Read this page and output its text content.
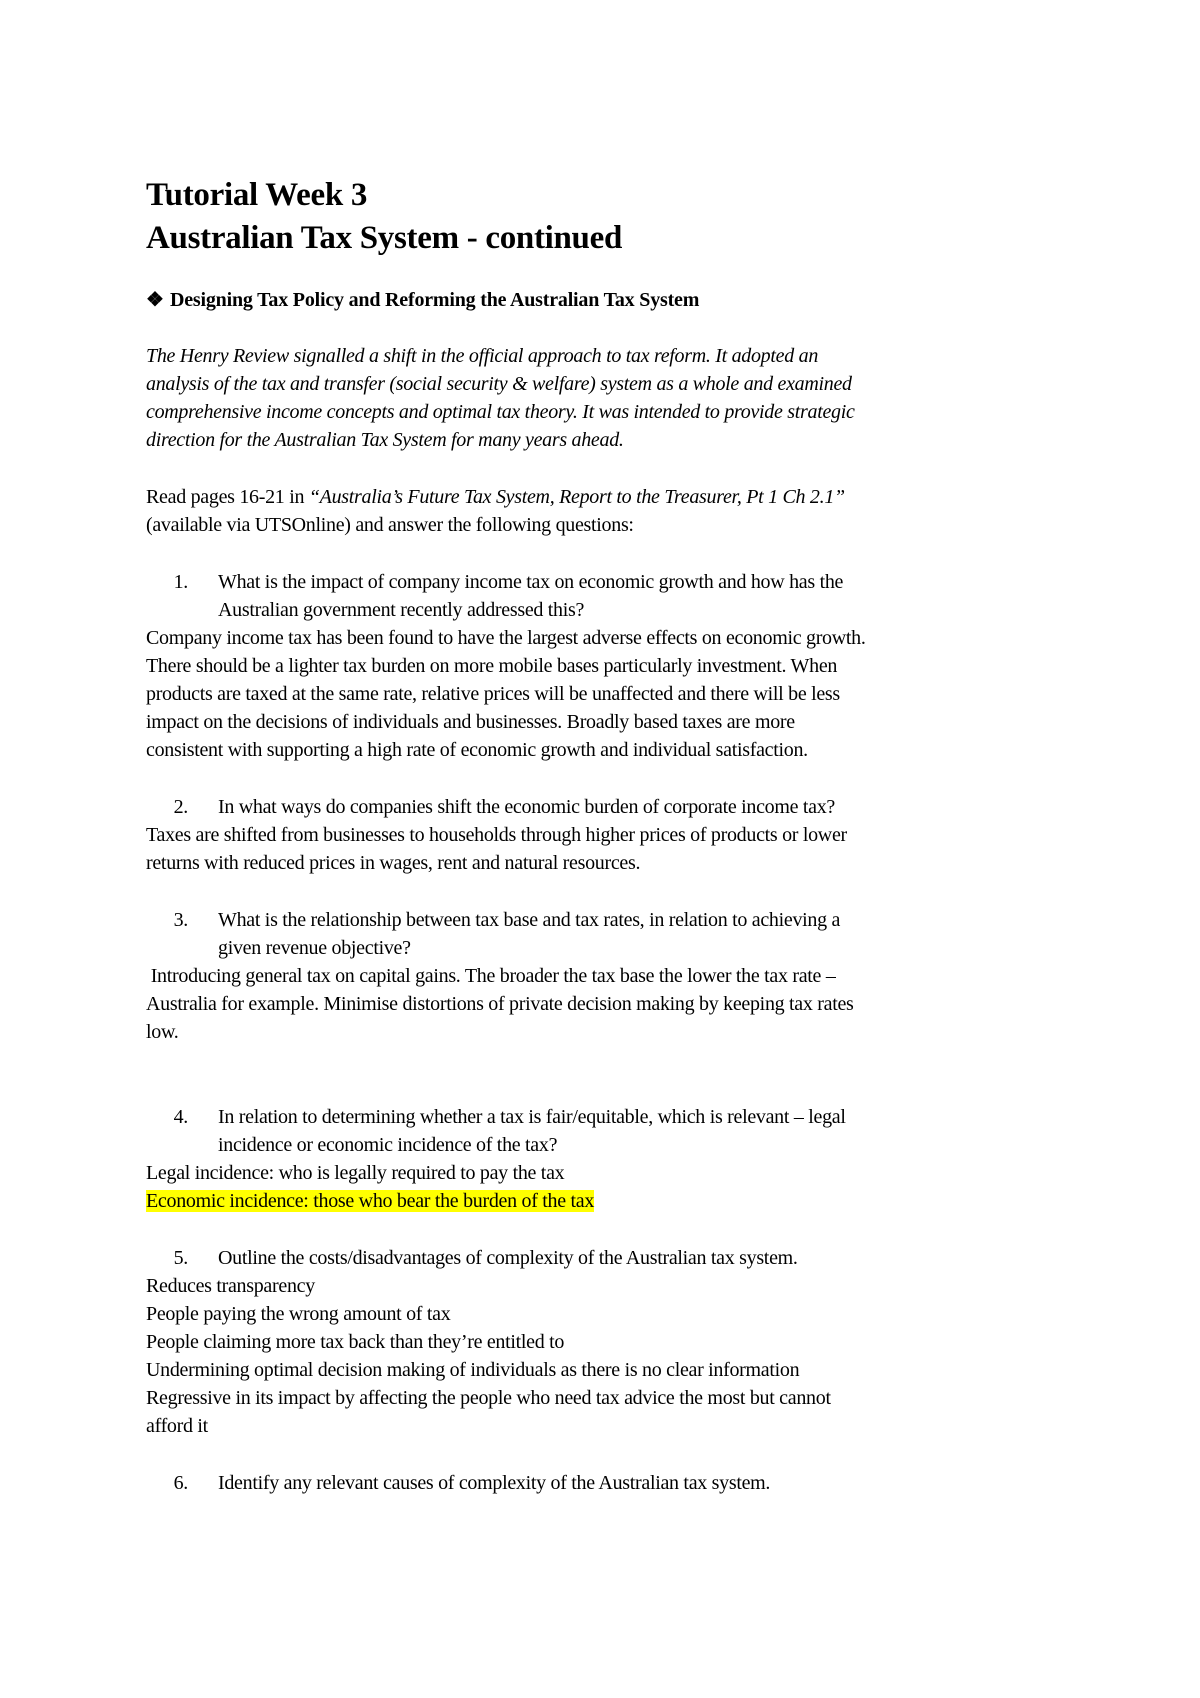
Tutorial Week 3
Australian Tax System - continued
❖ Designing Tax Policy and Reforming the Australian Tax System
The Henry Review signalled a shift in the official approach to tax reform. It adopted an
analysis of the tax and transfer (social security & welfare) system as a whole and examined
comprehensive income concepts and optimal tax theory. It was intended to provide strategic
direction for the Australian Tax System for many years ahead.
Read pages 16-21 in “Australia’s Future Tax System, Report to the Treasurer, Pt 1 Ch 2.1”
(available via UTSOnline) and answer the following questions:
1. What is the impact of company income tax on economic growth and how has the
Australian government recently addressed this?
Company income tax has been found to have the largest adverse effects on economic growth.
There should be a lighter tax burden on more mobile bases particularly investment. When
products are taxed at the same rate, relative prices will be unaffected and there will be less
impact on the decisions of individuals and businesses. Broadly based taxes are more
consistent with supporting a high rate of economic growth and individual satisfaction.
2. In what ways do companies shift the economic burden of corporate income tax?
Taxes are shifted from businesses to households through higher prices of products or lower
returns with reduced prices in wages, rent and natural resources.
3. What is the relationship between tax base and tax rates, in relation to achieving a
given revenue objective?
Introducing general tax on capital gains. The broader the tax base the lower the tax rate –
Australia for example. Minimise distortions of private decision making by keeping tax rates
low.
4. In relation to determining whether a tax is fair/equitable, which is relevant – legal
incidence or economic incidence of the tax?
Legal incidence: who is legally required to pay the tax
Economic incidence: those who bear the burden of the tax
5. Outline the costs/disadvantages of complexity of the Australian tax system.
Reduces transparency
People paying the wrong amount of tax
People claiming more tax back than they’re entitled to
Undermining optimal decision making of individuals as there is no clear information
Regressive in its impact by affecting the people who need tax advice the most but cannot
afford it
6. Identify any relevant causes of complexity of the Australian tax system.
